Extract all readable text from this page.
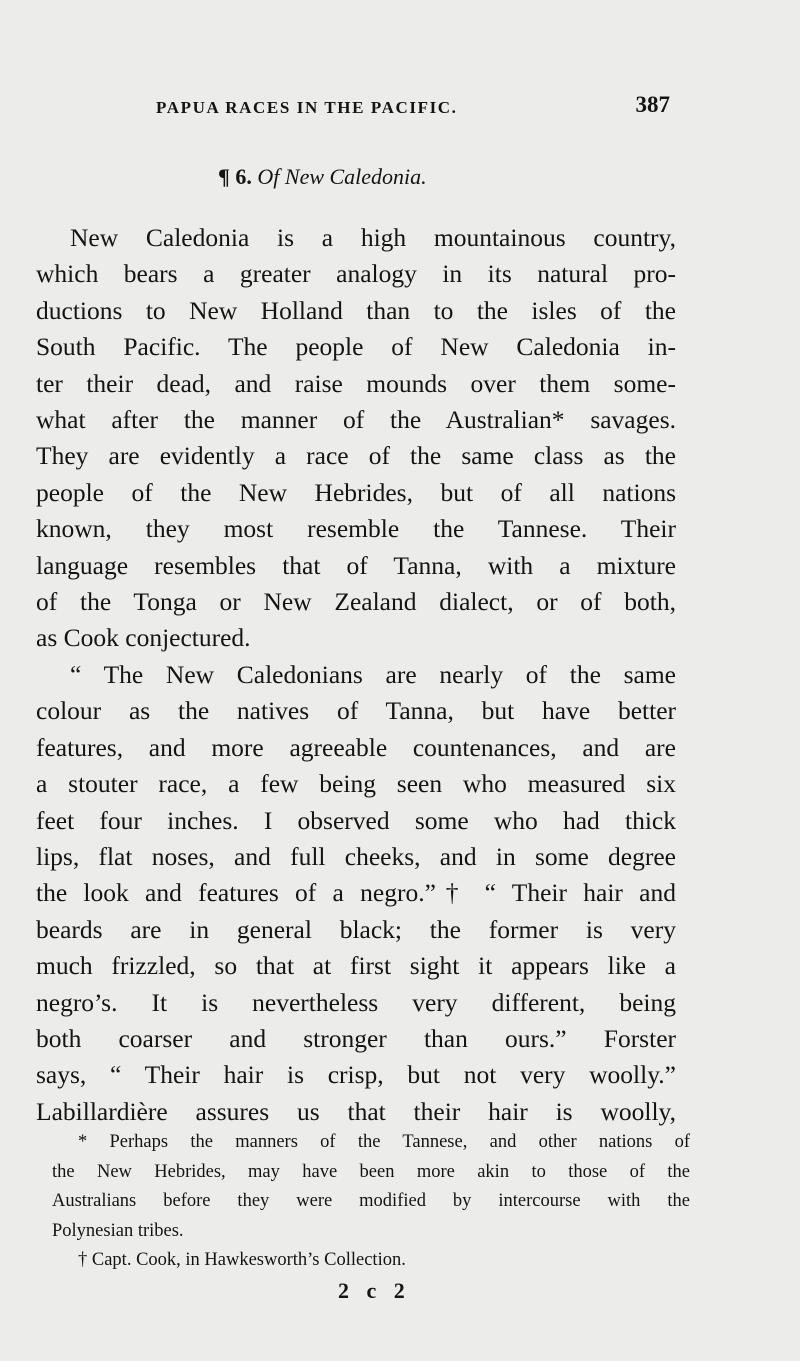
PAPUA RACES IN THE PACIFIC.	387
¶ 6. Of New Caledonia.
New Caledonia is a high mountainous country,
which bears a greater analogy in its natural pro-
ductions to New Holland than to the isles of the
South Pacific. The people of New Caledonia in-
ter their dead, and raise mounds over them some-
what after the manner of the Australian* savages.
They are evidently a race of the same class as the
people of the New Hebrides, but of all nations
known, they most resemble the Tannese. Their
language resembles that of Tanna, with a mixture
of the Tonga or New Zealand dialect, or of both,
as Cook conjectured.
“ The New Caledonians are nearly of the same
colour as the natives of Tanna, but have better
features, and more agreeable countenances, and are
a stouter race, a few being seen who measured six
feet four inches. I observed some who had thick
lips, flat noses, and full cheeks, and in some degree
the look and features of a negro.”† “ Their hair and
beards are in general black; the former is very
much frizzled, so that at first sight it appears like a
negro’s. It is nevertheless very different, being
both coarser and stronger than ours.” Forster
says, “ Their hair is crisp, but not very woolly.”
Labillardière assures us that their hair is woolly,
* Perhaps the manners of the Tannese, and other nations of
the New Hebrides, may have been more akin to those of the
Australians before they were modified by intercourse with the
Polynesian tribes.
† Capt. Cook, in Hawkesworth’s Collection.
2 c 2
